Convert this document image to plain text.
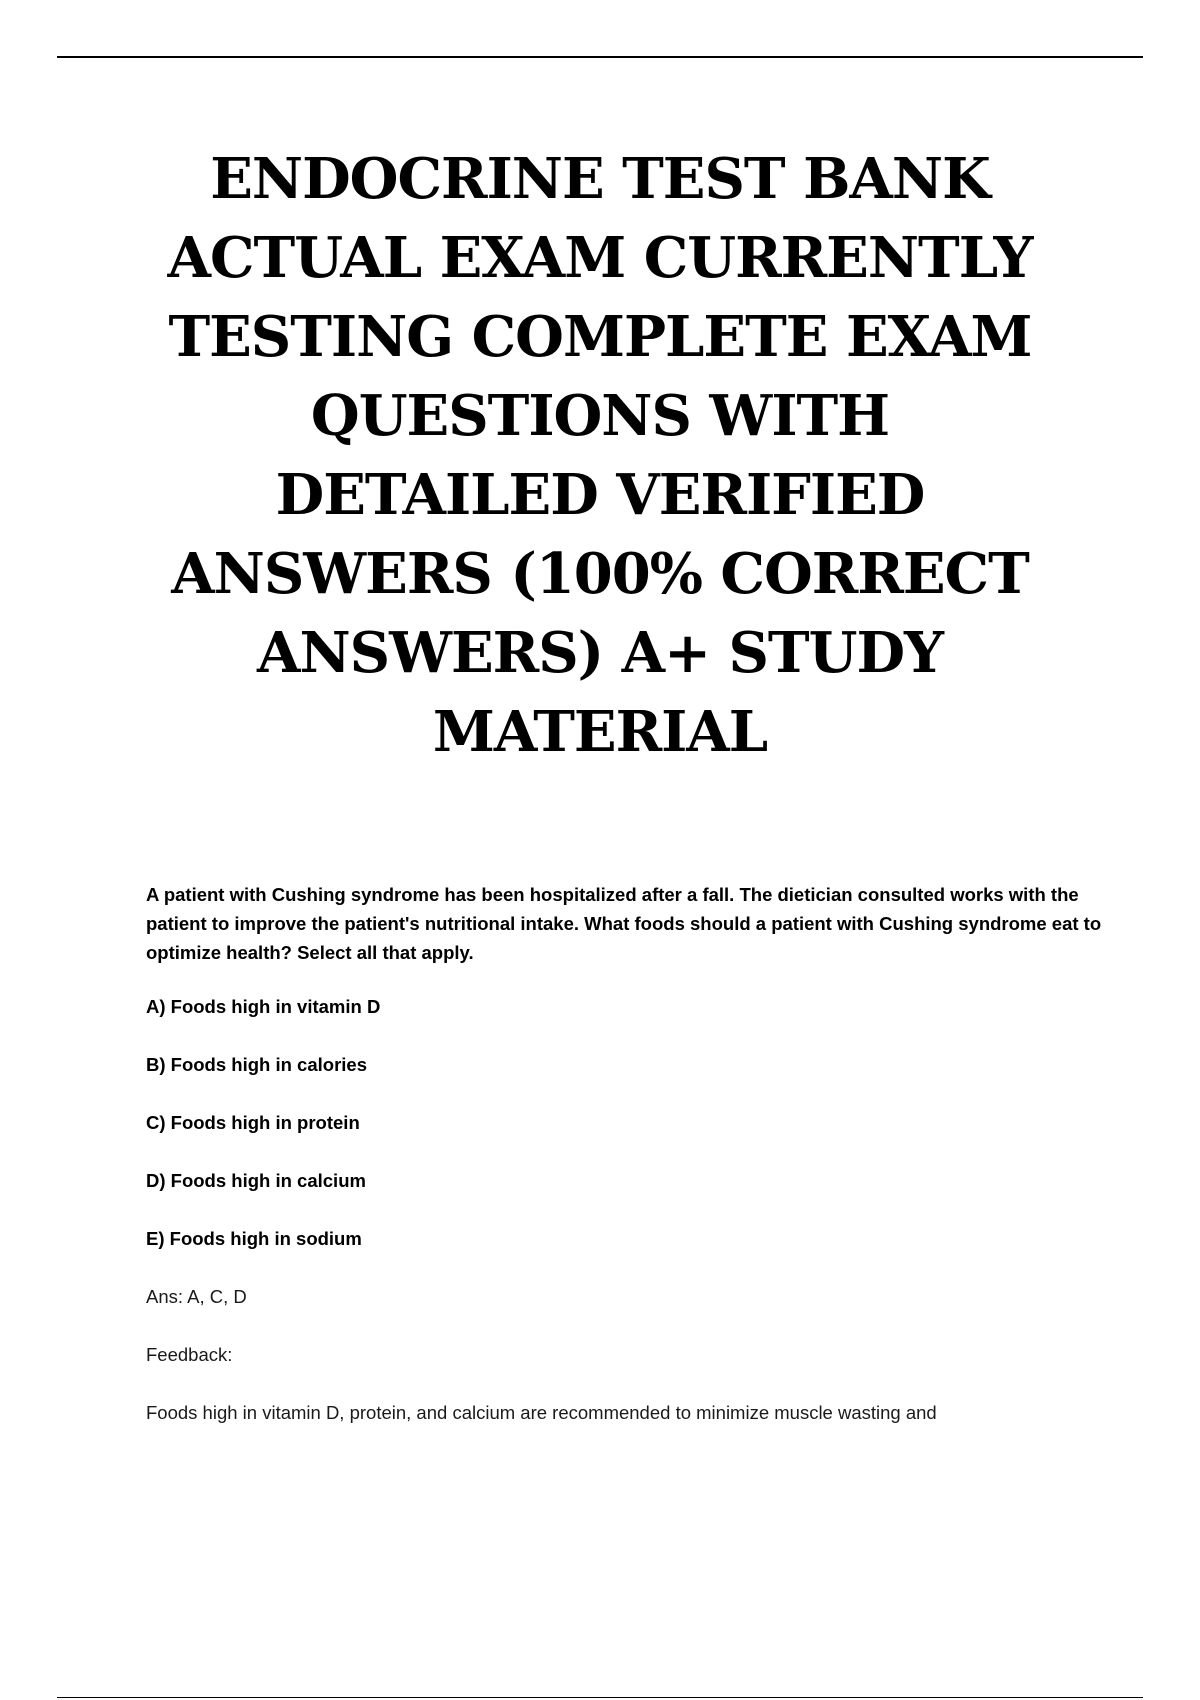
ENDOCRINE TEST BANK
ACTUAL EXAM CURRENTLY
TESTING COMPLETE EXAM
QUESTIONS WITH
DETAILED VERIFIED
ANSWERS (100% CORRECT
ANSWERS) A+ STUDY
MATERIAL

A patient with Cushing syndrome has been hospitalized after a fall. The dietician consulted works with the patient to improve the patient's nutritional intake. What foods should a patient with Cushing syndrome eat to optimize health? Select all that apply.

A) Foods high in vitamin D

B) Foods high in calories

C) Foods high in protein

D) Foods high in calcium

E) Foods high in sodium

Ans: A, C, D

Feedback:

Foods high in vitamin D, protein, and calcium are recommended to minimize muscle wasting and
